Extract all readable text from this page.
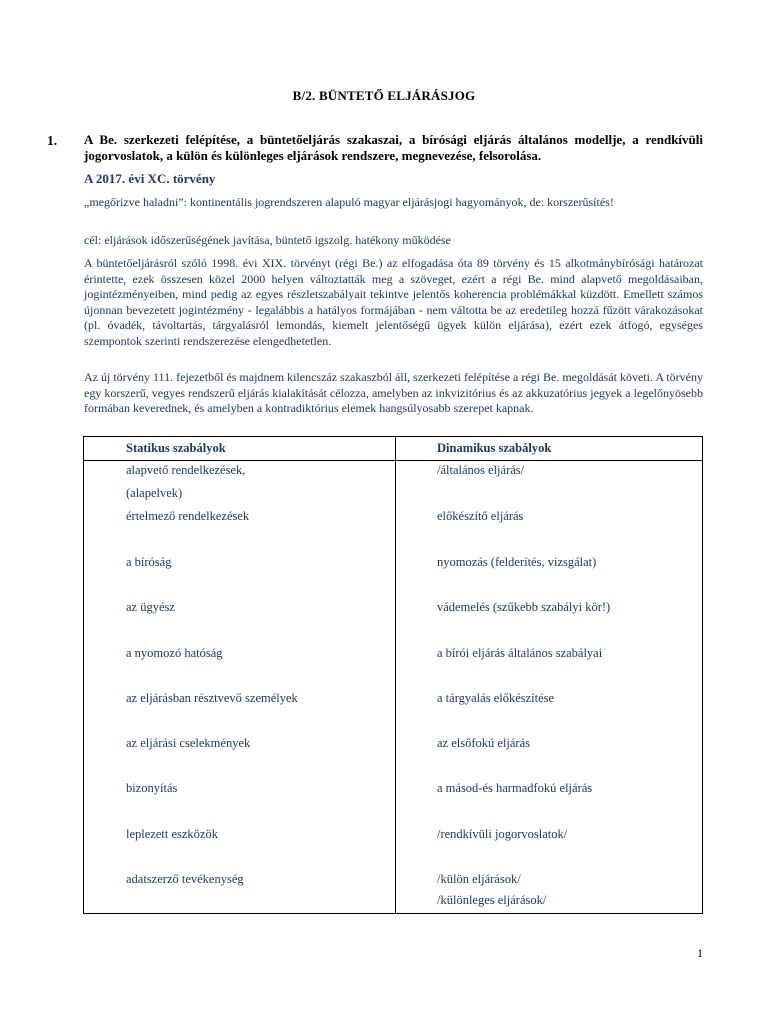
B/2. BÜNTETŐ ELJÁRÁSJOG
1. A Be. szerkezeti felépítése, a büntetőeljárás szakaszai, a bírósági eljárás általános modellje, a rendkívüli jogorvoslatok, a külön és különleges eljárások rendszere, megnevezése, felsorolása.
A 2017. évi XC. törvény
„megőrizve haladni”: kontinentális jogrendszeren alapuló magyar eljárásjogi hagyományok, de: korszerűsítés!
cél: eljárások időszerűségének javítása, büntető igszolg. hatékony működése
A büntetőeljárásról szóló 1998. évi XIX. törvényt (régi Be.) az elfogadása óta 89 törvény és 15 alkotmánybírósági határozat érintette, ezek összesen közel 2000 helyen változtatták meg a szöveget, ezért a régi Be. mind alapvető megoldásaiban, jogintézményeiben, mind pedig az egyes részletszabályait tekintve jelentős koherencia problémákkal küzdött. Emellett számos újonnan bevezetett jogintézmény - legalábbis a hatályos formájában - nem váltotta be az eredetileg hozzá fűzött várakozásokat (pl. óvadék, távoltartás, tárgyalásról lemondás, kiemelt jelentőségű ügyek külön eljárása), ezért ezek átfogó, egységes szempontok szerinti rendszerezése elengedhetetlen.
Az új törvény 111. fejezetből és majdnem kilencszáz szakaszból áll, szerkezeti felépítése a régi Be. megoldását követi. A törvény egy korszerű, vegyes rendszerű eljárás kialakítását célozza, amelyben az inkvizitórius és az akkuzatórius jegyek a legelőnyösebb formában keverednek, és amelyben a kontradiktórius elemek hangsúlyosabb szerepet kapnak.
Statikus szabályok	Dinamikus szabályok
alapvető rendelkezések,
(alapelvek)
értelmező rendelkezések
a bíróság
az ügyész
a nyomozó hatóság
az eljárásban résztvevő személyek
az eljárási cselekmények
bizonyítás
leplezett eszközök
adatszerző tevékenység
/általános eljárás/
előkészítő eljárás
nyomozás (felderítés, vizsgálat)
vádemelés (szűkebb szabályi kör!)
a bírói eljárás általános szabályai
a tárgyalás előkészítése
az elsőfokú eljárás
a másod-és harmadfokú eljárás
/rendkívüli jogorvoslatok/
/külön eljárások/
/különleges eljárások/
1
